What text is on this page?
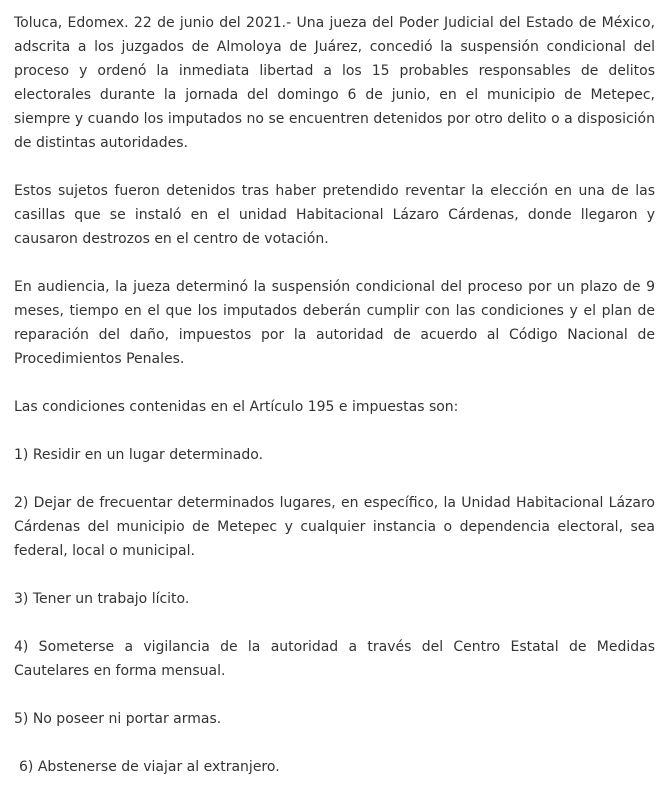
Toluca, Edomex. 22 de junio del 2021.- Una jueza del Poder Judicial del Estado de México, adscrita a los juzgados de Almoloya de Juárez, concedió la suspensión condicional del proceso y ordenó la inmediata libertad a los 15 probables responsables de delitos electorales durante la jornada del domingo 6 de junio, en el municipio de Metepec, siempre y cuando los imputados no se encuentren detenidos por otro delito o a disposición de distintas autoridades.

Estos sujetos fueron detenidos tras haber pretendido reventar la elección en una de las casillas que se instaló en el unidad Habitacional Lázaro Cárdenas, donde llegaron y causaron destrozos en el centro de votación.

En audiencia, la jueza determinó la suspensión condicional del proceso por un plazo de 9 meses, tiempo en el que los imputados deberán cumplir con las condiciones y el plan de reparación del daño, impuestos por la autoridad de acuerdo al Código Nacional de Procedimientos Penales.

Las condiciones contenidas en el Artículo 195 e impuestas son:

1) Residir en un lugar determinado.

2) Dejar de frecuentar determinados lugares, en específico, la Unidad Habitacional Lázaro Cárdenas del municipio de Metepec y cualquier instancia o dependencia electoral, sea federal, local o municipal.

3) Tener un trabajo lícito.

4) Someterse a vigilancia de la autoridad a través del Centro Estatal de Medidas Cautelares en forma mensual.

5) No poseer ni portar armas.

6) Abstenerse de viajar al extranjero.
